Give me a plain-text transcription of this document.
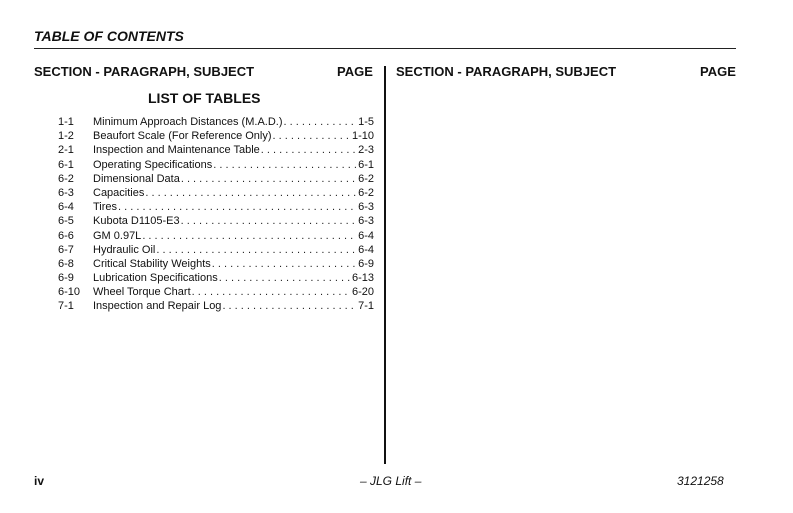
TABLE OF CONTENTS
SECTION - PARAGRAPH, SUBJECT	PAGE SECTION - PARAGRAPH, SUBJECT	PAGE
LIST OF TABLES
1-1	Minimum Approach Distances (M.A.D.) . . .	1-5
1-2	Beaufort Scale (For Reference Only) . . .	1-10
2-1	Inspection and Maintenance Table . . .	2-3
6-1	Operating Specifications . . .	6-1
6-2	Dimensional Data . . .	6-2
6-3	Capacities . . .	6-2
6-4	Tires . . .	6-3
6-5	Kubota D1105-E3 . . .	6-3
6-6	GM 0.97L . . .	6-4
6-7	Hydraulic Oil . . .	6-4
6-8	Critical Stability Weights . . .	6-9
6-9	Lubrication Specifications . . .	6-13
6-10	Wheel Torque Chart . . .	6-20
7-1	Inspection and Repair Log . . .	7-1
iv	– JLG Lift –	3121258
